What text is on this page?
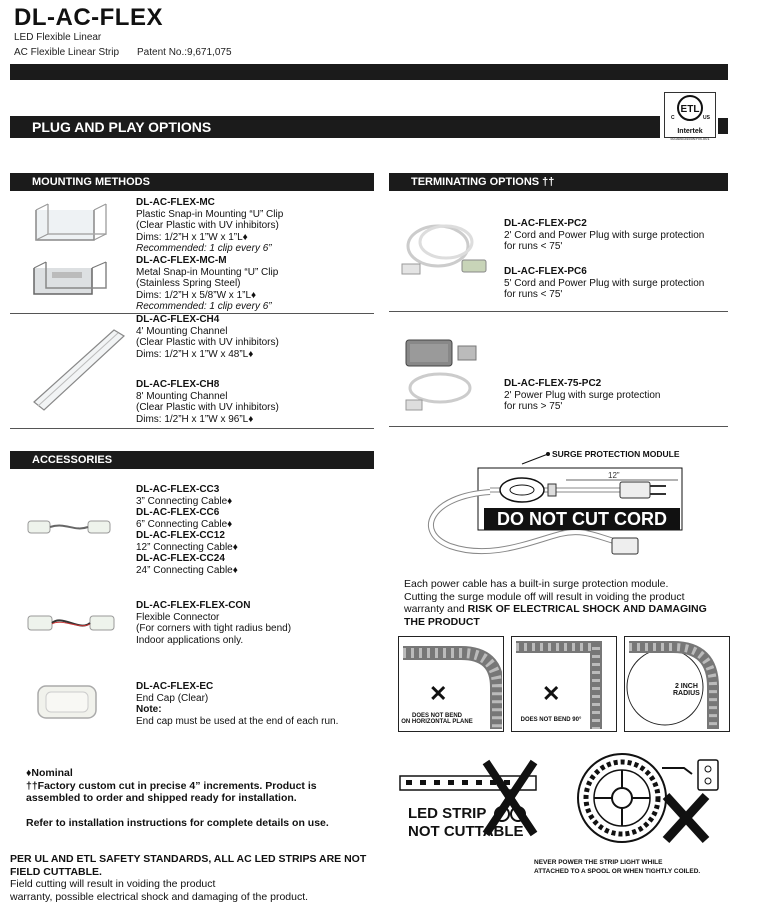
DL-AC-FLEX
LED Flexible Linear
AC Flexible Linear Strip Patent No.:9,671,075
ETL
C	US
Intertek
5016853455NYM-001
PLUG AND PLAY OPTIONS
MOUNTING METHODS
DL-AC-FLEX-MC
Plastic Snap-in Mounting “U” Clip
(Clear Plastic with UV inhibitors)
Dims: 1/2”H x 1”W x 1”L♦
Recommended: 1 clip every 6”
DL-AC-FLEX-MC-M
Metal Snap-in Mounting “U” Clip
(Stainless Spring Steel)
Dims: 1/2”H x 5/8”W x 1”L♦
Recommended: 1 clip every 6”
DL-AC-FLEX-CH4
4' Mounting Channel
(Clear Plastic with UV inhibitors)
Dims: 1/2”H x 1”W x 48”L♦
DL-AC-FLEX-CH8
8' Mounting Channel
(Clear Plastic with UV inhibitors)
Dims: 1/2”H x 1”W x 96”L♦
TERMINATING OPTIONS ††
DL-AC-FLEX-PC2
2' Cord and Power Plug with surge protection
for runs < 75'
DL-AC-FLEX-PC6
5' Cord and Power Plug with surge protection
for runs < 75'
DL-AC-FLEX-75-PC2
2' Power Plug with surge protection
for runs > 75'
ACCESSORIES
DL-AC-FLEX-CC3
3” Connecting Cable♦
DL-AC-FLEX-CC6
6” Connecting Cable♦
DL-AC-FLEX-CC12
12” Connecting Cable♦
DL-AC-FLEX-CC24
24” Connecting Cable♦
DL-AC-FLEX-FLEX-CON
Flexible Connector
(For corners with tight radius bend)
Indoor applications only.
DL-AC-FLEX-EC
End Cap (Clear)
Note:
End cap must be used at the end of each run.
SURGE PROTECTION MODULE
12”
DO NOT CUT CORD
Each power cable has a built-in surge protection module.
Cutting the surge module off will result in voiding the product
warranty and RISK OF ELECTRICAL SHOCK AND DAMAGING
THE PRODUCT
✕
DOES NOT BEND
ON HORIZONTAL PLANE
✕
DOES NOT BEND 90°
2 INCH
RADIUS
♦Nominal
††Factory custom cut in precise 4” increments. Product is assembled to order and shipped ready for installation.
Refer to installation instructions for complete details on use.
PER UL AND ETL SAFETY STANDARDS, ALL AC LED STRIPS ARE NOT FIELD CUTTABLE.
Field cutting will result in voiding the product
warranty, possible electrical shock and damaging of the product.
LED STRIP
NOT CUTTABLE
NEVER POWER THE STRIP LIGHT WHILE
ATTACHED TO A SPOOL OR WHEN TIGHTLY COILED.
